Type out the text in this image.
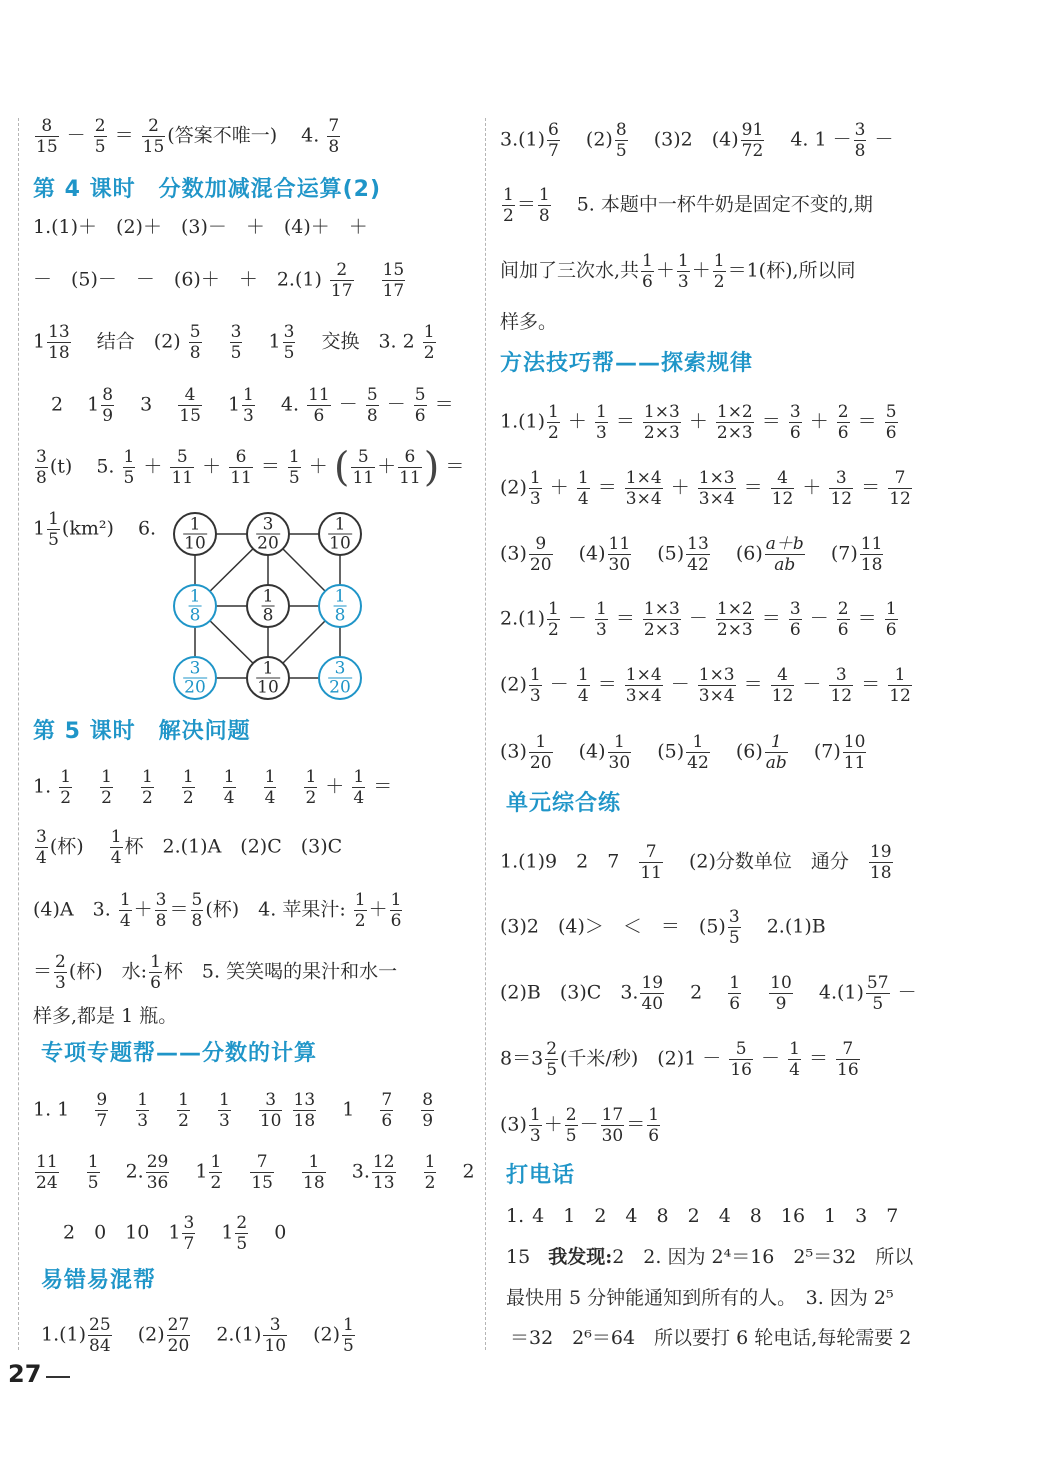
$\frac{8}{15} - \frac{2}{5} = \frac{2}{15}$ (答案不唯一) 4. $\frac{7}{8}$
第 4 课时　分数加减混合运算(2)
1.(1)＋　(2)＋　(3)－　＋　(4)＋　＋
－　(5)－　－　(6)＋　＋　$2.(1) \frac{2}{17}$
$\frac{15}{17}$
$1 \frac{13}{18}$ 结合　$(2) \frac{5}{8}$
$\frac{3}{5} 1 \frac{3}{5}$ 交换　3. $2 \frac{1}{2}$
2 $1 \frac{8}{9} 3 \frac{4}{15} 1 \frac{1}{3} 4$. $\frac{11}{6} - \frac{5}{8} - \frac{5}{6}$ ＝
$\frac{3}{8} (t)$ 5. $\frac{1}{5} + \frac{5}{11} + \frac{6}{11} = \frac{1}{5}$ ＋ ( $\frac{5}{11} + \frac{6}{11}$ ) ＝
$1 \frac{1}{5} (km^2)$ 6.
第 5 课时　解决问题
1. $\frac{1}{2}$
$\frac{1}{2}$
$\frac{1}{2}$
$\frac{1}{2}$
$\frac{1}{4}$
$\frac{1}{4}$
$\frac{1}{2} + \frac{1}{4}$ ＝
$\frac{3}{4}$ (杯) $\frac{1}{4}$ 杯　2.(1)A　(2)C　(3)C
(4)A　3. $\frac{1}{4} + \frac{3}{8} = \frac{5}{8}$ (杯)　4. 苹果汁: $\frac{1}{2} + \frac{1}{6}$
＝ $\frac{2}{3}$ (杯)　水: $\frac{1}{6}$ 杯　5. 笑笑喝的果汁和水一
样多,都是 1 瓶。
专项专题帮——分数的计算
1. $1 \frac{9}{7}$
$\frac{1}{3}$
$\frac{1}{2}$
$\frac{1}{3}$
$\frac{3}{10}$
$\frac{13}{18} 1 \frac{7}{6}$
$\frac{8}{9}$
$\frac{11}{24}$
$\frac{1}{5} 2$. $\frac{29}{36} 1 \frac{1}{2}$
$\frac{7}{15}$
$\frac{1}{18} 3$. $\frac{12}{13}$
$\frac{1}{2} 2$
2　0　10　$1 \frac{3}{7} 1 \frac{2}{5} 0$
易错易混帮
$1.(1) \frac{25}{84} (2) \frac{27}{20} 2.(1) \frac{3}{10} (2) \frac{1}{5}$
1
10
3
20
1
10
1
8
1
8
1
8
3
20
1
10
3
20
$3.(1) \frac{6}{7} (2) \frac{8}{5} (3)2$　$(4) \frac{91}{72} 4$. $1 - \frac{3}{8}$ －
$\frac{1}{2} = \frac{1}{8} 5$. 本题中一杯牛奶是固定不变的,期
间加了三次水,共 $\frac{1}{6} + \frac{1}{3} + \frac{1}{2} =1$(杯),所以同
样多。
方法技巧帮——探索规律
$1.(1) \frac{1}{2} + \frac{1}{3} = \frac{1\times 3}{2\times 3} + \frac{1\times 2}{2\times 3} = \frac{3}{6} + \frac{2}{6} = \frac{5}{6}$
$(2) \frac{1}{3} + \frac{1}{4} = \frac{1\times 4}{3\times 4} + \frac{1\times 3}{3\times 4} = \frac{4}{12} + \frac{3}{12} = \frac{7}{12}$
$(3) \frac{9}{20} (4) \frac{11}{30} (5) \frac{13}{42} (6) \frac{a+b}{ab} (7) \frac{11}{18}$
$2.(1) \frac{1}{2} - \frac{1}{3} = \frac{1\times 3}{2\times 3} - \frac{1\times 2}{2\times 3} = \frac{3}{6} - \frac{2}{6} = \frac{1}{6}$
$(2) \frac{1}{3} - \frac{1}{4} = \frac{1\times 4}{3\times 4} - \frac{1\times 3}{3\times 4} = \frac{4}{12} - \frac{3}{12} = \frac{1}{12}$
$(3) \frac{1}{20} (4) \frac{1}{30} (5) \frac{1}{42} (6) \frac{1}{ab} (7) \frac{10}{11}$
单元综合练
1.(1)9　2　$7 \frac{7}{11} (2)$分数单位　通分 $\frac{19}{18}$
(3)2　(4)＞　＜　＝　$(5) \frac{3}{5} 2.(1)B$
(2)B　(3)C　3. $\frac{19}{40} 2 \frac{1}{6}$
$\frac{10}{9} 4.(1) \frac{57}{5}$ －
$8=3 \frac{2}{5}$ (千米/秒)　$(2)1 - \frac{5}{16} - \frac{1}{4} = \frac{7}{16}$
$(3) \frac{1}{3} + \frac{2}{5} - \frac{17}{30} = \frac{1}{6}$
打电话
1. 4　1　2　4　8　2　4　8　16　1　3　7
15 我发现:2　2. 因为 2⁴＝16　2⁵＝32　所以
最快用 5 分钟能通知到所有的人。　3. 因为 2⁵
＝32　2⁶＝64　所以要打 6 轮电话,每轮需要 2
27
